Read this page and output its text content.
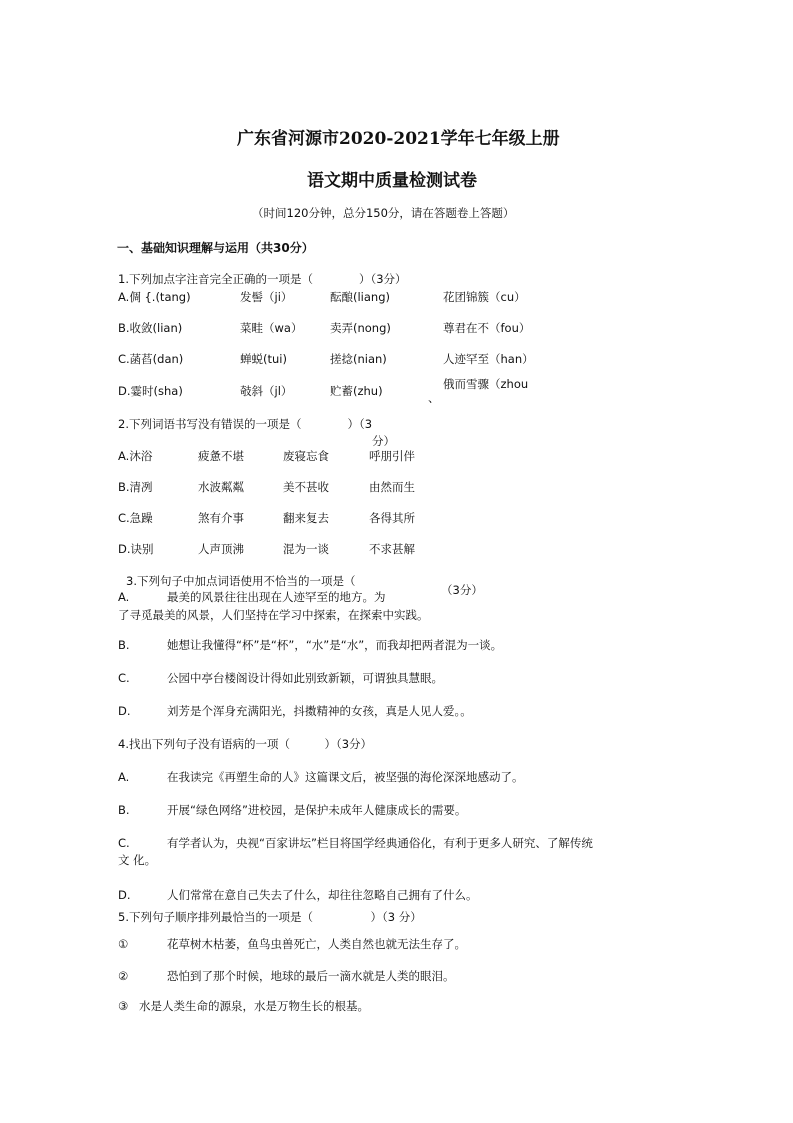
广东省河源市2020-2021学年七年级上册
语文期中质量检测试卷
（时间120分钟，总分150分，请在答题卷上答题）
一、基础知识理解与运用（共30分）
1.下列加点字注音完全正确的一项是（　　　　）（3分）
A.倜 {.(tang)	发髻（ji）	酝酿(liang)	花团锦簇（cu）
B.收敛(lian)	菜畦（wa） 卖弄(nong)	尊君在不（fou）
C.菡萏(dan)	蝉蜕(tui)	搓捻(nian)	人迹罕至（han）
D.霎时(sha)	攲斜（jl）	贮蓄(zhu)	俄而雪骤（zhou
、
2.下列词语书写没有错误的一项是（　　　　）（3
分）
A.沐浴	疲惫不堪	废寝忘食	呼朋引伴
B.清冽	水波粼粼	美不甚收	由然而生
C.急躁	煞有介事	翻来复去	各得其所
D.诀别	人声顶沸	混为一谈	不求甚解
3.下列句子中加点词语使用不恰当的一项是（
（3分）
A.	最美的风景往往出现在人迹罕至的地方。为
了寻觅最美的风景，人们坚持在学习中探索，在探索中实践。
B.	她想让我懂得“杯”是“杯”，“水”是“水”，而我却把两者混为一谈。
C.	公园中亭台楼阁设计得如此别致新颖，可谓独具慧眼。
D.	刘芳是个浑身充满阳光，抖擞精神的女孩，真是人见人爱。。
4.找出下列句子没有语病的一项（　　　）（3分）
A.	在我读完《再塑生命的人》这篇课文后，被坚强的海伦深深地感动了。
B.	开展“绿色网络”进校园，是保护未成年人健康成长的需要。
C.	有学者认为，央视“百家讲坛”栏目将国学经典通俗化，有利于更多人研究、了解传统
文 化。
D.	人们常常在意自己失去了什么，却往往忽略自己拥有了什么。
5.下列句子顺序排列最恰当的一项是（　　　　　）（3 分）
①	花草树木枯萎，鱼鸟虫兽死亡，人类自然也就无法生存了。
②	恐怕到了那个时候，地球的最后一滴水就是人类的眼泪。
③ 水是人类生命的源泉，水是万物生长的根基。
